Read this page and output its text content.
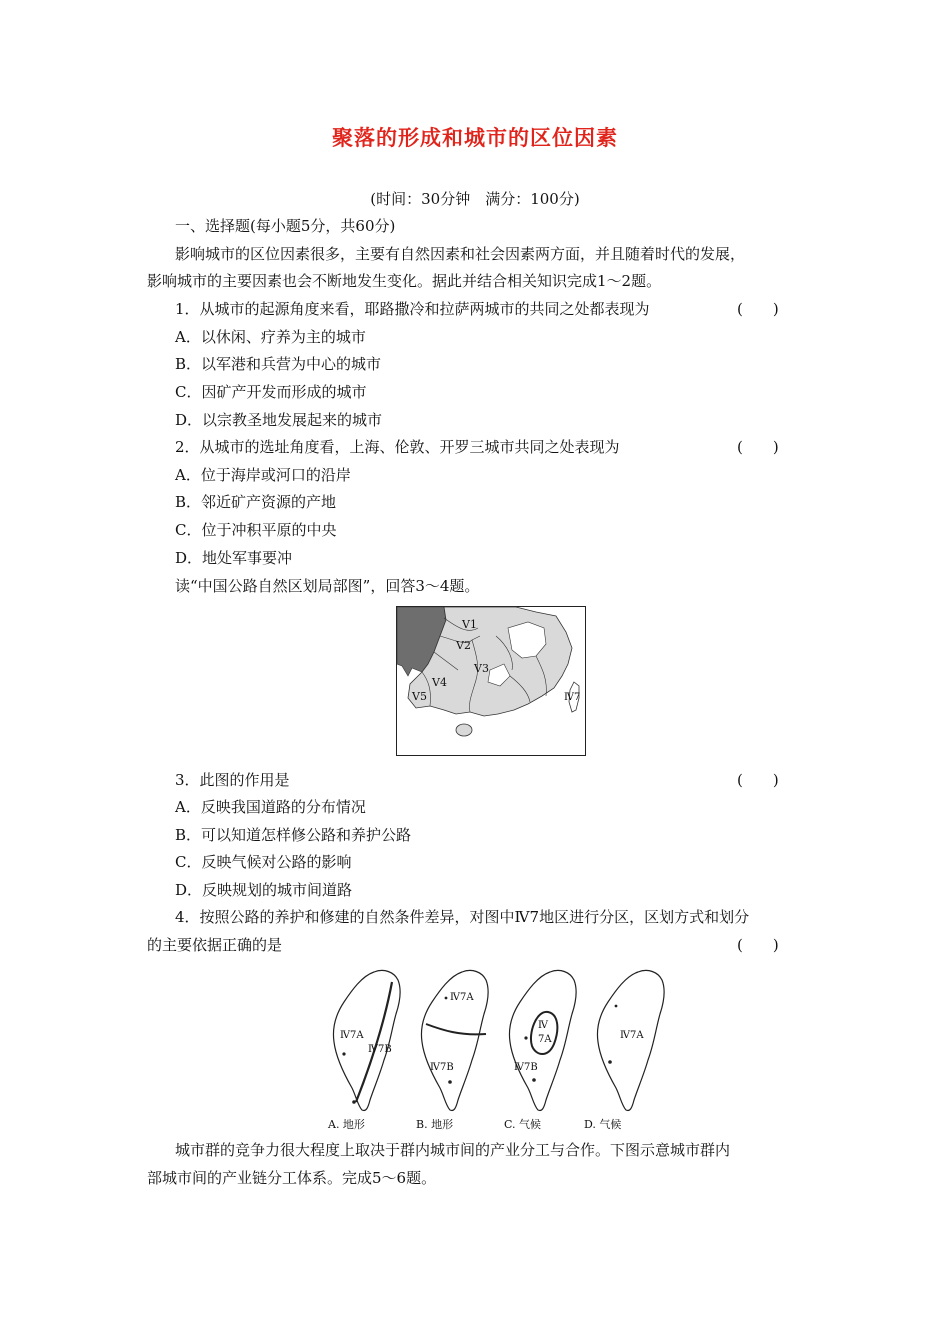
聚落的形成和城市的区位因素
(时间：30分钟　满分：100分)
一、选择题(每小题5分，共60分)
影响城市的区位因素很多，主要有自然因素和社会因素两方面，并且随着时代的发展，
影响城市的主要因素也会不断地发生变化。据此并结合相关知识完成1～2题。
1．从城市的起源角度来看，耶路撒冷和拉萨两城市的共同之处都表现为	(　　)
A．以休闲、疗养为主的城市
B．以军港和兵营为中心的城市
C．因矿产开发而形成的城市
D．以宗教圣地发展起来的城市
2．从城市的选址角度看，上海、伦敦、开罗三城市共同之处表现为	(　　)
A．位于海岸或河口的沿岸
B．邻近矿产资源的产地
C．位于冲积平原的中央
D．地处军事要冲
读“中国公路自然区划局部图”，回答3～4题。
Ⅴ1
Ⅴ2
Ⅴ3
Ⅴ4
Ⅴ5	Ⅳ7
3．此图的作用是	(　　)
A．反映我国道路的分布情况
B．可以知道怎样修公路和养护公路
C．反映气候对公路的影响
D．反映规划的城市间道路
4．按照公路的养护和修建的自然条件差异，对图中Ⅳ7地区进行分区，区划方式和划分
的主要依据正确的是	(　　)
Ⅳ7A
Ⅳ7B
Ⅳ7A
Ⅳ7B
Ⅳ
7A
Ⅳ7B
Ⅳ7A
A. 地形	B. 地形	C. 气候	D. 气候
城市群的竞争力很大程度上取决于群内城市间的产业分工与合作。下图示意城市群内
部城市间的产业链分工体系。完成5～6题。
